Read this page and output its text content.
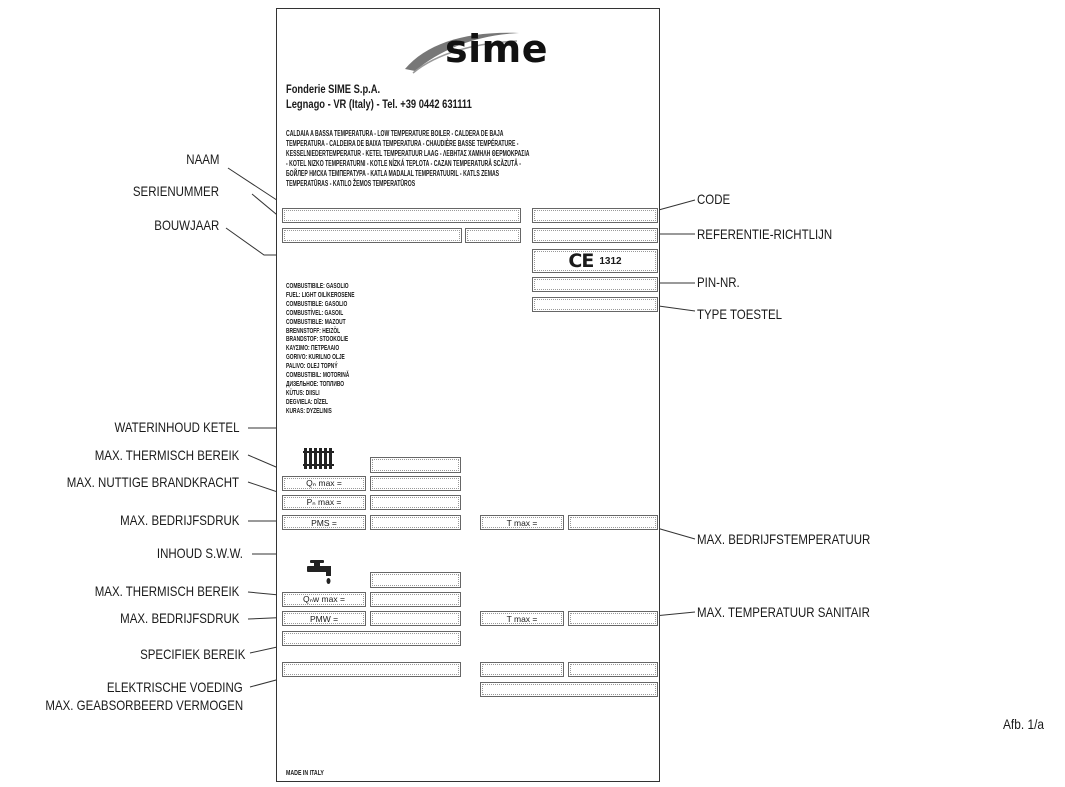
NAAM
SERIENUMMER
BOUWJAAR
WATERINHOUD KETEL
MAX. THERMISCH BEREIK
MAX. NUTTIGE BRANDKRACHT
MAX. BEDRIJFSDRUK
INHOUD S.W.W.
MAX. THERMISCH BEREIK
MAX. BEDRIJFSDRUK
SPECIFIEK BEREIK
ELEKTRISCHE VOEDING
MAX. GEABSORBEERD VERMOGEN
CODE
REFERENTIE-RICHTLIJN
PIN-NR.
TYPE TOESTEL
MAX. BEDRIJFSTEMPERATUUR
MAX. TEMPERATUUR SANITAIR
Afb. 1/a
sime
Fonderie SIME S.p.A.
Legnago - VR (Italy) - Tel. +39 0442 631111
CALDAIA A BASSA TEMPERATURA - LOW TEMPERATURE BOILER - CALDERA DE BAJA
TEMPERATURA - CALDEIRA DE BAIXA TEMPERATURA - CHAUDIÈRE BASSE TEMPÉRATURE -
KESSELNIEDERTEMPERATUR - KETEL TEMPERATUUR LAAG - ΛΕΒΗΤΑΣ ΧΑΜΗΛΗ ΘΕΡΜΟΚΡΑΣΙΑ
- KOTEL NIZKO TEMPERATURNI - KOTLE NÍZKÁ TEPLOTA - CAZAN TEMPERATURĂ SCĂZUTĂ -
БОЙЛЕР НИСКА ТЕМПЕРАТУРА - KATLA MADALAL TEMPERATUURIL - KATLS ZEMAS
TEMPERATŪRAS - KATILO ŽEMOS TEMPERATŪROS
CE 1312
COMBUSTIBILE: GASOLIO
FUEL: LIGHT OIL/KEROSENE
COMBUSTIBLE: GASOLIO
COMBUSTÍVEL: GASOIL
COMBUSTIBLE: MAZOUT
BRENNSTOFF: HEIZÖL
BRANDSTOF: STOOKOLIE
ΚΑΥΣΙΜΟ: ΠΕΤΡΕΛΑΙΟ
GORIVO: KURILNO OLJE
PALIVO: OLEJ TOPNÝ
COMBUSTIBIL: MOTORINĂ
ДИЗЕЛЬНОЕ: ТОПЛИВО
KÜTUS: DIISLI
DEGVIELA: DĪZEL
KURAS: DYZELINIS
Qₙ max =
Pₙ max =
PMS =	T max =
Qₙw max =
PMW =	T max =
MADE IN ITALY
